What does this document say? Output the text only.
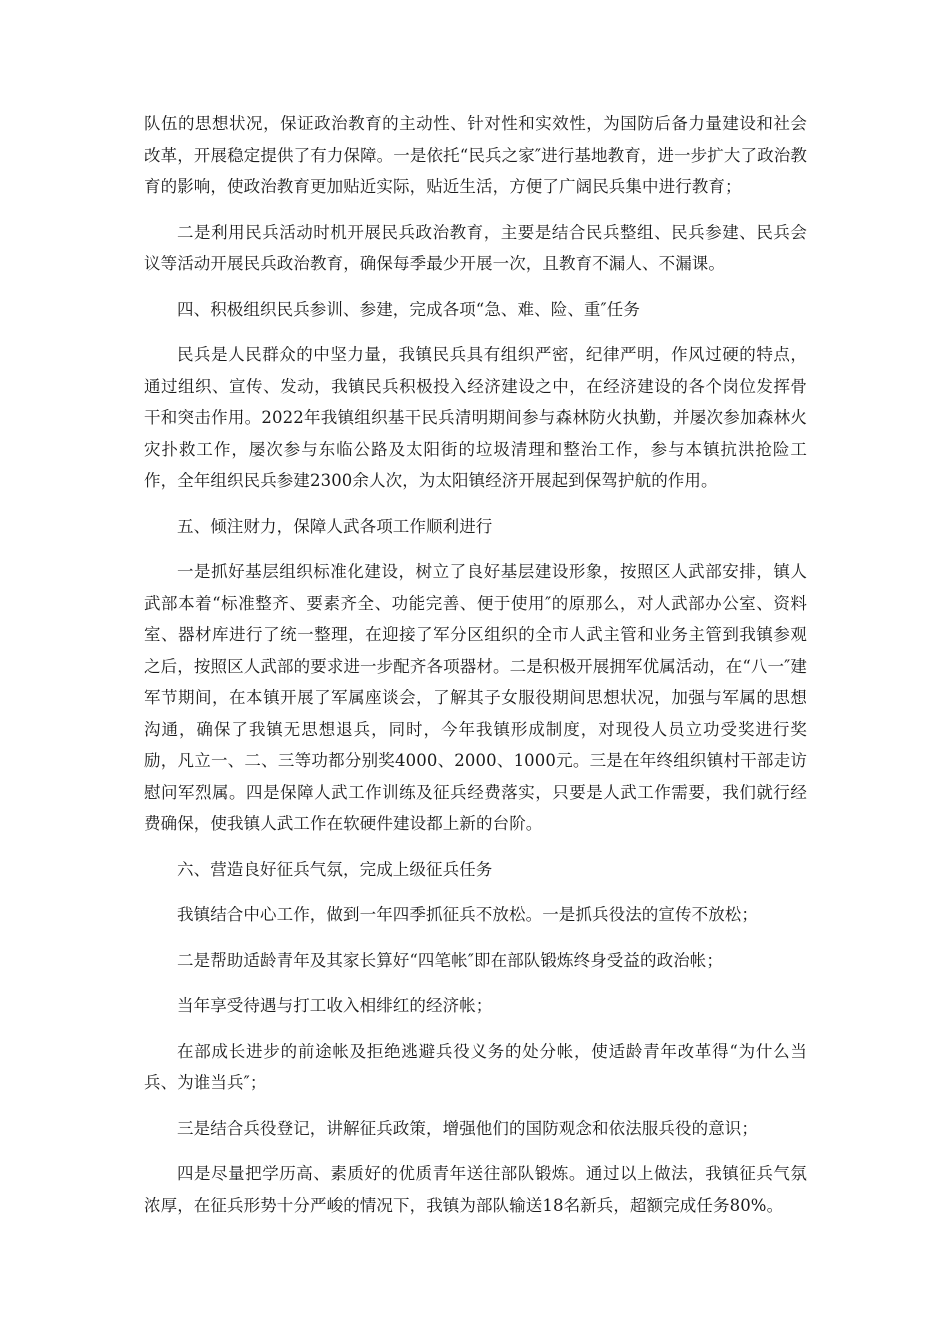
队伍的思想状况，保证政治教育的主动性、针对性和实效性，为国防后备力量建设和社会改革，开展稳定提供了有力保障。一是依托“民兵之家″进行基地教育，进一步扩大了政治教育的影响，使政治教育更加贴近实际，贴近生活，方便了广阔民兵集中进行教育；

二是利用民兵活动时机开展民兵政治教育，主要是结合民兵整组、民兵参建、民兵会议等活动开展民兵政治教育，确保每季最少开展一次，且教育不漏人、不漏课。

四、积极组织民兵参训、参建，完成各项“急、难、险、重″任务

民兵是人民群众的中坚力量，我镇民兵具有组织严密，纪律严明，作风过硬的特点，通过组织、宣传、发动，我镇民兵积极投入经济建设之中，在经济建设的各个岗位发挥骨干和突击作用。2022年我镇组织基干民兵清明期间参与森林防火执勤，并屡次参加森林火灾扑救工作，屡次参与东临公路及太阳街的垃圾清理和整治工作，参与本镇抗洪抢险工作，全年组织民兵参建2300余人次，为太阳镇经济开展起到保驾护航的作用。

五、倾注财力，保障人武各项工作顺利进行

一是抓好基层组织标准化建设，树立了良好基层建设形象，按照区人武部安排，镇人武部本着“标准整齐、要素齐全、功能完善、便于使用″的原那么，对人武部办公室、资料室、器材库进行了统一整理，在迎接了军分区组织的全市人武主管和业务主管到我镇参观之后，按照区人武部的要求进一步配齐各项器材。二是积极开展拥军优属活动，在“八一″建军节期间，在本镇开展了军属座谈会，了解其子女服役期间思想状况，加强与军属的思想沟通，确保了我镇无思想退兵，同时，今年我镇形成制度，对现役人员立功受奖进行奖励，凡立一、二、三等功都分别奖4000、2000、1000元。三是在年终组织镇村干部走访慰问军烈属。四是保障人武工作训练及征兵经费落实，只要是人武工作需要，我们就行经费确保，使我镇人武工作在软硬件建设都上新的台阶。

六、营造良好征兵气氛，完成上级征兵任务

我镇结合中心工作，做到一年四季抓征兵不放松。一是抓兵役法的宣传不放松；

二是帮助适龄青年及其家长算好“四笔帐″即在部队锻炼终身受益的政治帐；

当年享受待遇与打工收入相绯红的经济帐；

在部成长进步的前途帐及拒绝逃避兵役义务的处分帐，使适龄青年改革得“为什么当兵、为谁当兵″；

三是结合兵役登记，讲解征兵政策，增强他们的国防观念和依法服兵役的意识；

四是尽量把学历高、素质好的优质青年送往部队锻炼。通过以上做法，我镇征兵气氛浓厚，在征兵形势十分严峻的情况下，我镇为部队输送18名新兵，超额完成任务80%。
